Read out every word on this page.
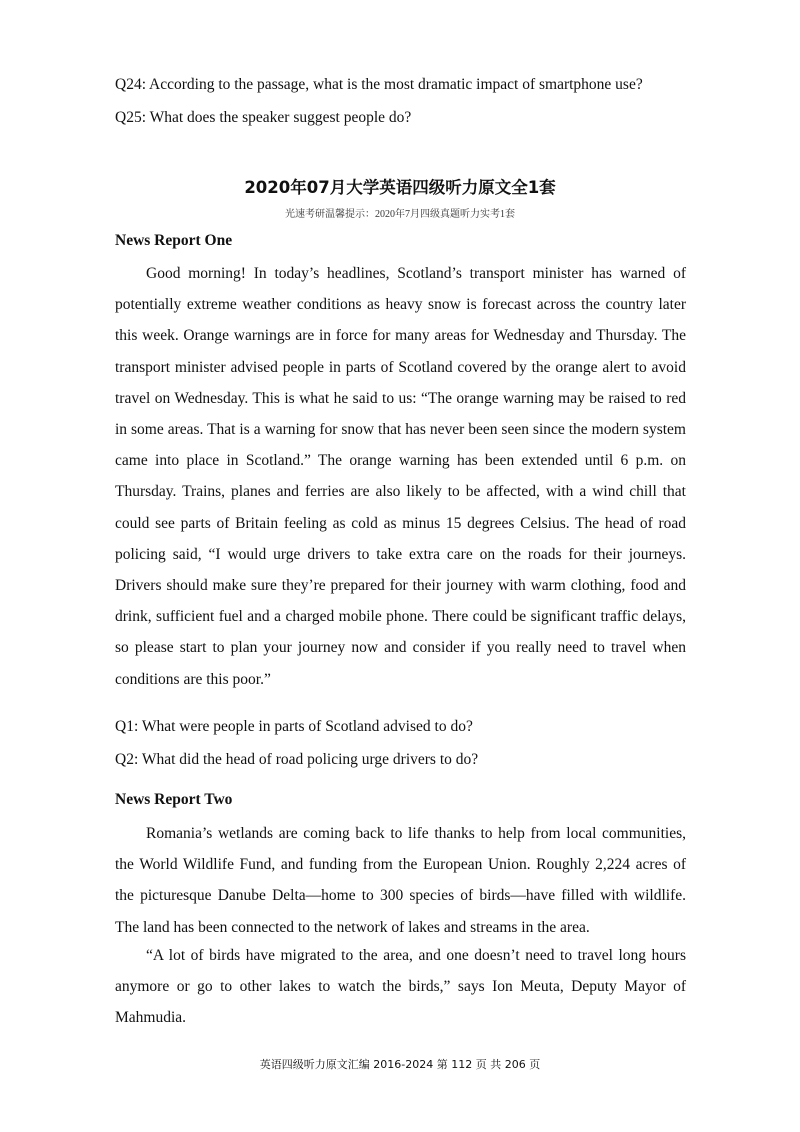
Q24: According to the passage, what is the most dramatic impact of smartphone use?

Q25: What does the speaker suggest people do?

2020年07月大学英语四级听力原文全1套

光速考研温馨提示：2020年7月四级真题听力实考1套

News Report One

Good morning! In today’s headlines, Scotland’s transport minister has warned of potentially extreme weather conditions as heavy snow is forecast across the country later this week. Orange warnings are in force for many areas for Wednesday and Thursday. The transport minister advised people in parts of Scotland covered by the orange alert to avoid travel on Wednesday. This is what he said to us: “The orange warning may be raised to red in some areas. That is a warning for snow that has never been seen since the modern system came into place in Scotland.” The orange warning has been extended until 6 p.m. on Thursday. Trains, planes and ferries are also likely to be affected, with a wind chill that could see parts of Britain feeling as cold as minus 15 degrees Celsius. The head of road policing said, “I would urge drivers to take extra care on the roads for their journeys. Drivers should make sure they’re prepared for their journey with warm clothing, food and drink, sufficient fuel and a charged mobile phone. There could be significant traffic delays, so please start to plan your journey now and consider if you really need to travel when conditions are this poor.”

Q1: What were people in parts of Scotland advised to do?

Q2: What did the head of road policing urge drivers to do?

News Report Two

Romania’s wetlands are coming back to life thanks to help from local communities, the World Wildlife Fund, and funding from the European Union. Roughly 2,224 acres of the picturesque Danube Delta—home to 300 species of birds—have filled with wildlife. The land has been connected to the network of lakes and streams in the area.

“A lot of birds have migrated to the area, and one doesn’t need to travel long hours anymore or go to other lakes to watch the birds,” says Ion Meuta, Deputy Mayor of Mahmudia.

英语四级听力原文汇编 2016-2024 第 112 页 共 206 页
